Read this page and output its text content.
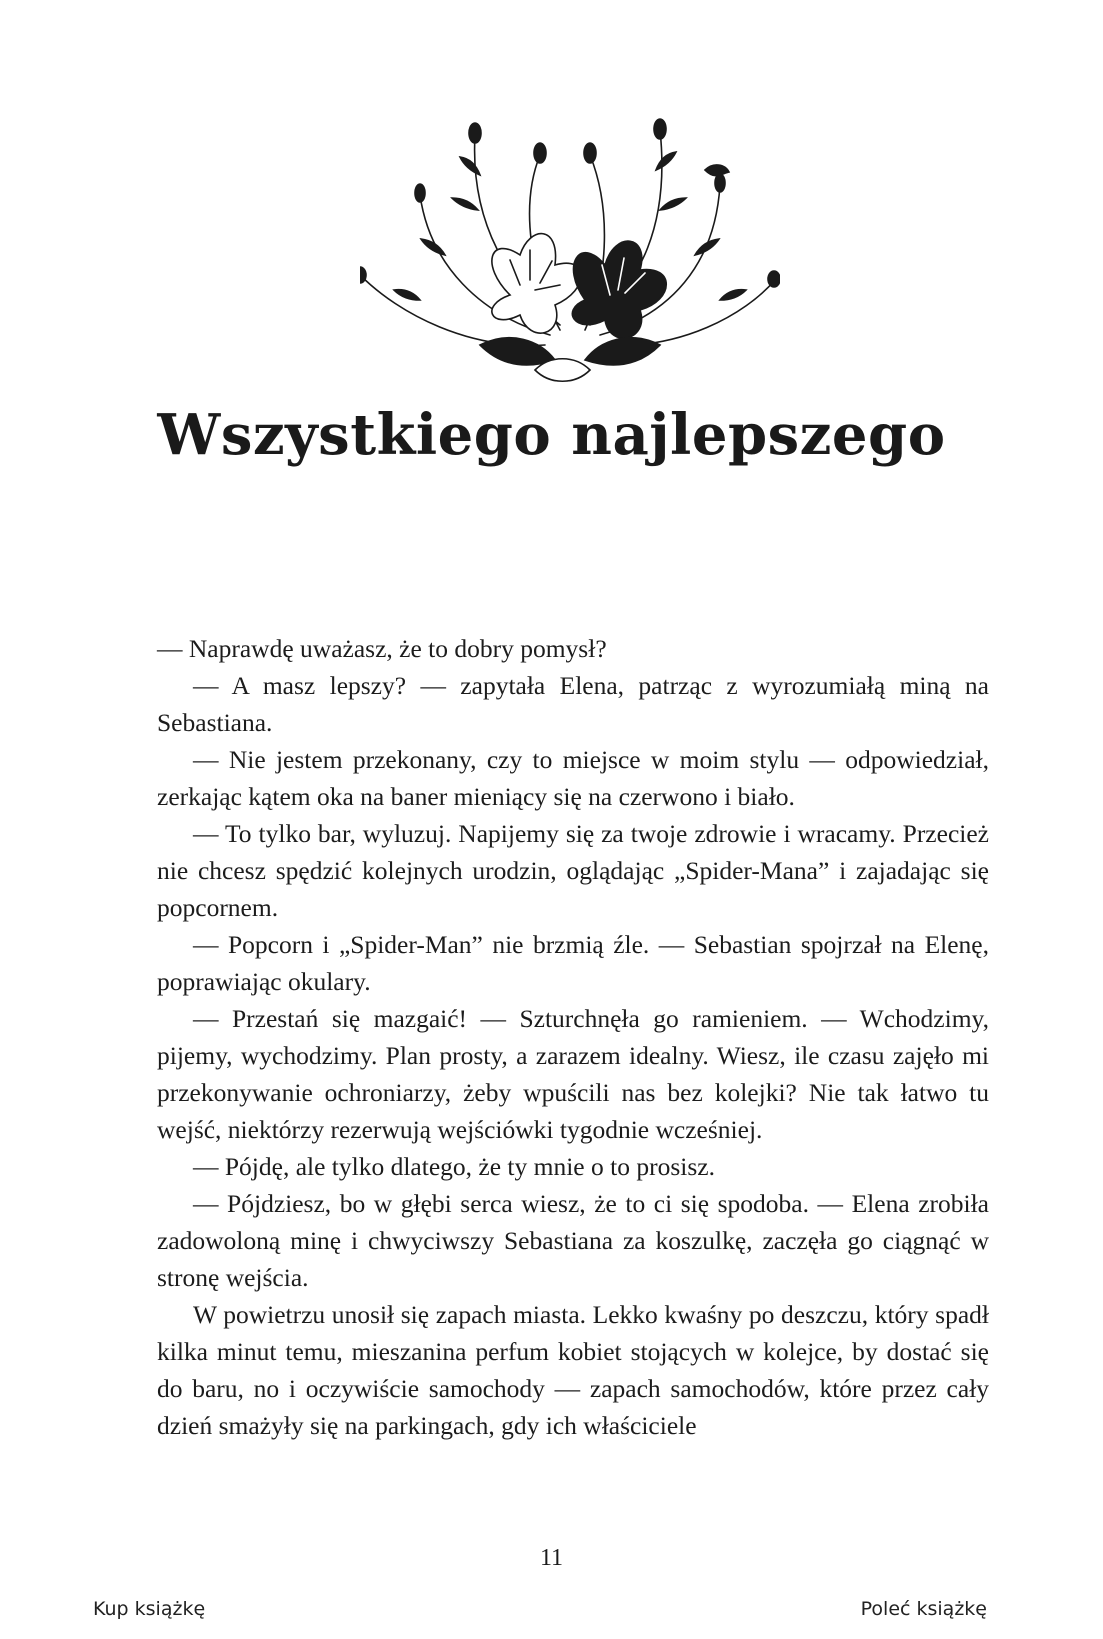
Wszystkiego najlepszego

— Naprawdę uważasz, że to dobry pomysł?

— A masz lepszy? — zapytała Elena, patrząc z wyrozumiałą miną na Sebastiana.

— Nie jestem przekonany, czy to miejsce w moim stylu — odpowiedział, zerkając kątem oka na baner mieniący się na czerwono i biało.

— To tylko bar, wyluzuj. Napijemy się za twoje zdrowie i wracamy. Przecież nie chcesz spędzić kolejnych urodzin, oglądając „Spider-Mana” i zajadając się popcornem.

— Popcorn i „Spider-Man” nie brzmią źle. — Sebastian spojrzał na Elenę, poprawiając okulary.

— Przestań się mazgaić! — Szturchnęła go ramieniem. — Wchodzimy, pijemy, wychodzimy. Plan prosty, a zarazem idealny. Wiesz, ile czasu zajęło mi przekonywanie ochroniarzy, żeby wpuścili nas bez kolejki? Nie tak łatwo tu wejść, niektórzy rezerwują wejściówki tygodnie wcześniej.

— Pójdę, ale tylko dlatego, że ty mnie o to prosisz.

— Pójdziesz, bo w głębi serca wiesz, że to ci się spodoba. — Elena zrobiła zadowoloną minę i chwyciwszy Sebastiana za koszulkę, zaczęła go ciągnąć w stronę wejścia.

W powietrzu unosił się zapach miasta. Lekko kwaśny po deszczu, który spadł kilka minut temu, mieszanina perfum kobiet stojących w kolejce, by dostać się do baru, no i oczywiście samochody — zapach samochodów, które przez cały dzień smażyły się na parkingach, gdy ich właściciele

11
Kup książkę	Poleć książkę
